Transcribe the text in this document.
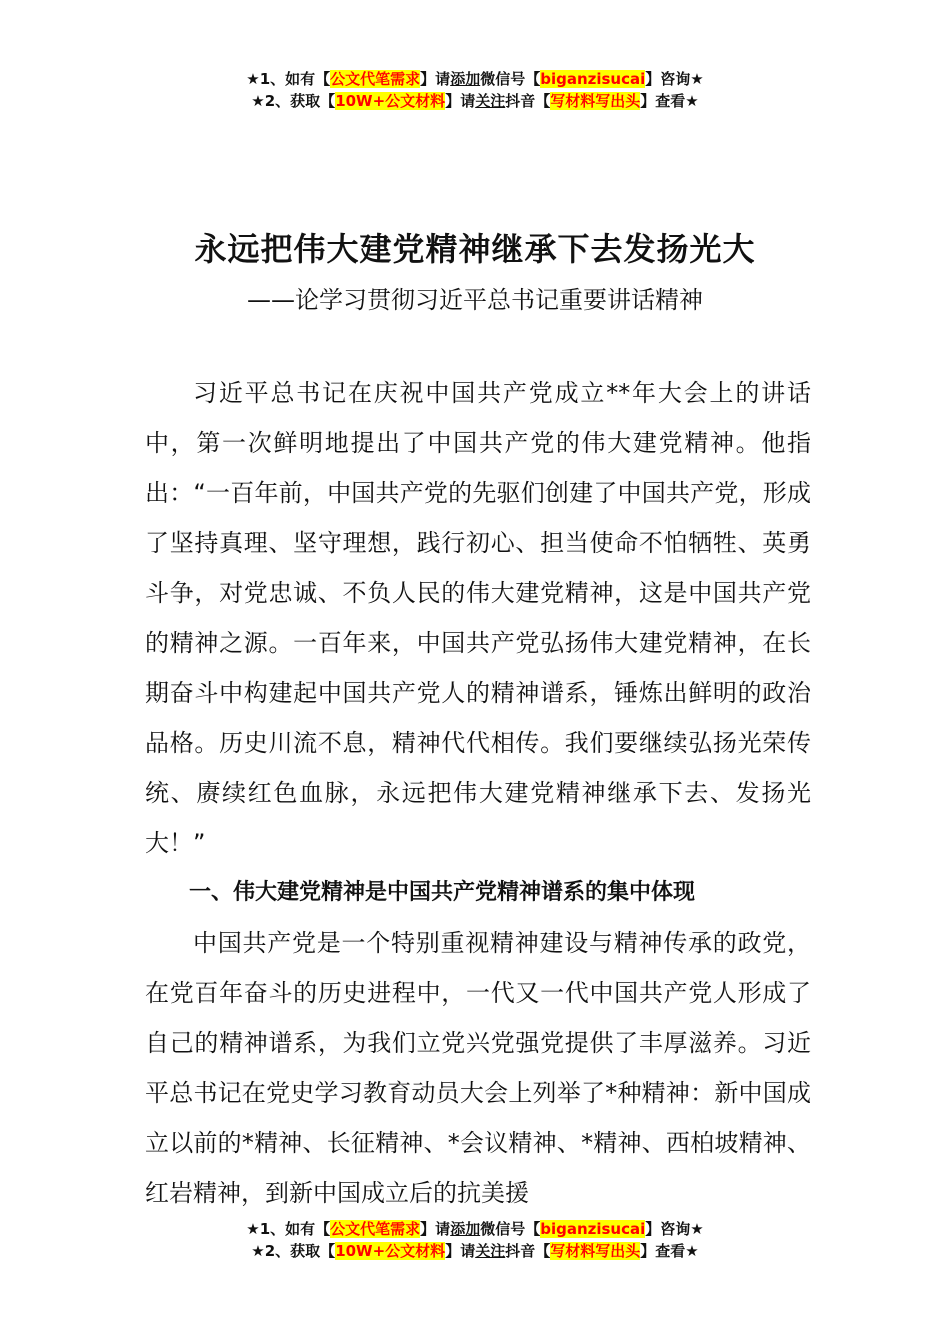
★1、如有【公文代笔需求】请添加微信号【biganzisucai】咨询★
★2、获取【10W+公文材料】请关注抖音【写材料写出头】查看★
永远把伟大建党精神继承下去发扬光大
——论学习贯彻习近平总书记重要讲话精神

习近平总书记在庆祝中国共产党成立**年大会上的讲话中，第一次鲜明地提出了中国共产党的伟大建党精神。他指出：“一百年前，中国共产党的先驱们创建了中国共产党，形成了坚持真理、坚守理想，践行初心、担当使命不怕牺牲、英勇斗争，对党忠诚、不负人民的伟大建党精神，这是中国共产党的精神之源。一百年来，中国共产党弘扬伟大建党精神，在长期奋斗中构建起中国共产党人的精神谱系，锤炼出鲜明的政治品格。历史川流不息，精神代代相传。我们要继续弘扬光荣传统、赓续红色血脉，永远把伟大建党精神继承下去、发扬光大！”

一、伟大建党精神是中国共产党精神谱系的集中体现

中国共产党是一个特别重视精神建设与精神传承的政党，在党百年奋斗的历史进程中，一代又一代中国共产党人形成了自己的精神谱系，为我们立党兴党强党提供了丰厚滋养。习近平总书记在党史学习教育动员大会上列举了*种精神：新中国成立以前的*精神、长征精神、*会议精神、*精神、西柏坡精神、红岩精神，到新中国成立后的抗美援

★1、如有【公文代笔需求】请添加微信号【biganzisucai】咨询★
★2、获取【10W+公文材料】请关注抖音【写材料写出头】查看★
